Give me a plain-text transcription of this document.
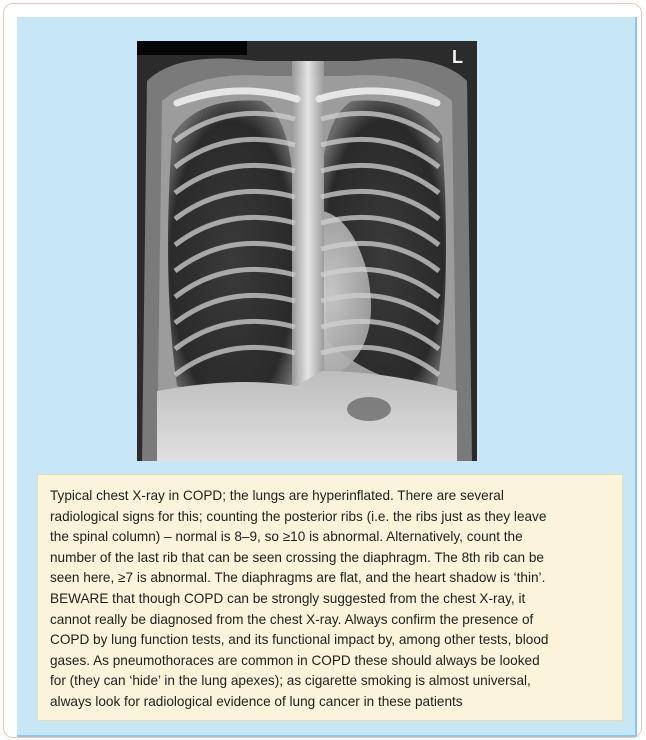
L

Typical chest X-ray in COPD; the lungs are hyperinflated. There are several
radiological signs for this; counting the posterior ribs (i.e. the ribs just as they leave
the spinal column) – normal is 8–9, so ≥10 is abnormal. Alternatively, count the
number of the last rib that can be seen crossing the diaphragm. The 8th rib can be
seen here, ≥7 is abnormal. The diaphragms are flat, and the heart shadow is ‘thin’.
BEWARE that though COPD can be strongly suggested from the chest X-ray, it
cannot really be diagnosed from the chest X-ray. Always confirm the presence of
COPD by lung function tests, and its functional impact by, among other tests, blood
gases. As pneumothoraces are common in COPD these should always be looked
for (they can ‘hide’ in the lung apexes); as cigarette smoking is almost universal,
always look for radiological evidence of lung cancer in these patients
